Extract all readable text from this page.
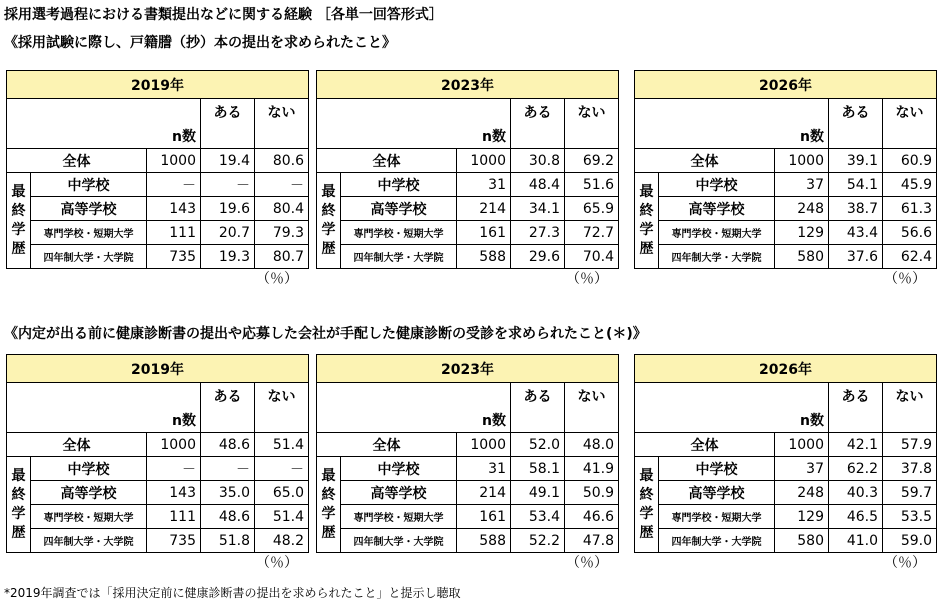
採用選考過程における書類提出などに関する経験 ［各単一回答形式］
《採用試験に際し、戸籍謄（抄）本の提出を求められたこと》
《内定が出る前に健康診断書の提出や応募した会社が手配した健康診断の受診を求められたこと(＊)》
*2019年調査では「採用決定前に健康診断書の提出を求められたこと」と提示し聴取
2019年				
		n数	ある	ない
全体		1000	19.4	80.6
最終学歴	中学校	－	－	－
	高等学校	143	19.6	80.4
	専門学校・短期大学	111	20.7	79.3
	四年制大学・大学院	735	19.3	80.7
（％）
2023年				
		n数	ある	ない
全体		1000	30.8	69.2
最終学歴	中学校	31	48.4	51.6
	高等学校	214	34.1	65.9
	専門学校・短期大学	161	27.3	72.7
	四年制大学・大学院	588	29.6	70.4
（％）
2026年				
		n数	ある	ない
全体		1000	39.1	60.9
最終学歴	中学校	37	54.1	45.9
	高等学校	248	38.7	61.3
	専門学校・短期大学	129	43.4	56.6
	四年制大学・大学院	580	37.6	62.4
（％）
2019年				
		n数	ある	ない
全体		1000	48.6	51.4
最終学歴	中学校	－	－	－
	高等学校	143	35.0	65.0
	専門学校・短期大学	111	48.6	51.4
	四年制大学・大学院	735	51.8	48.2
（％）
2023年				
		n数	ある	ない
全体		1000	52.0	48.0
最終学歴	中学校	31	58.1	41.9
	高等学校	214	49.1	50.9
	専門学校・短期大学	161	53.4	46.6
	四年制大学・大学院	588	52.2	47.8
（％）
2026年				
		n数	ある	ない
全体		1000	42.1	57.9
最終学歴	中学校	37	62.2	37.8
	高等学校	248	40.3	59.7
	専門学校・短期大学	129	46.5	53.5
	四年制大学・大学院	580	41.0	59.0
（％）
